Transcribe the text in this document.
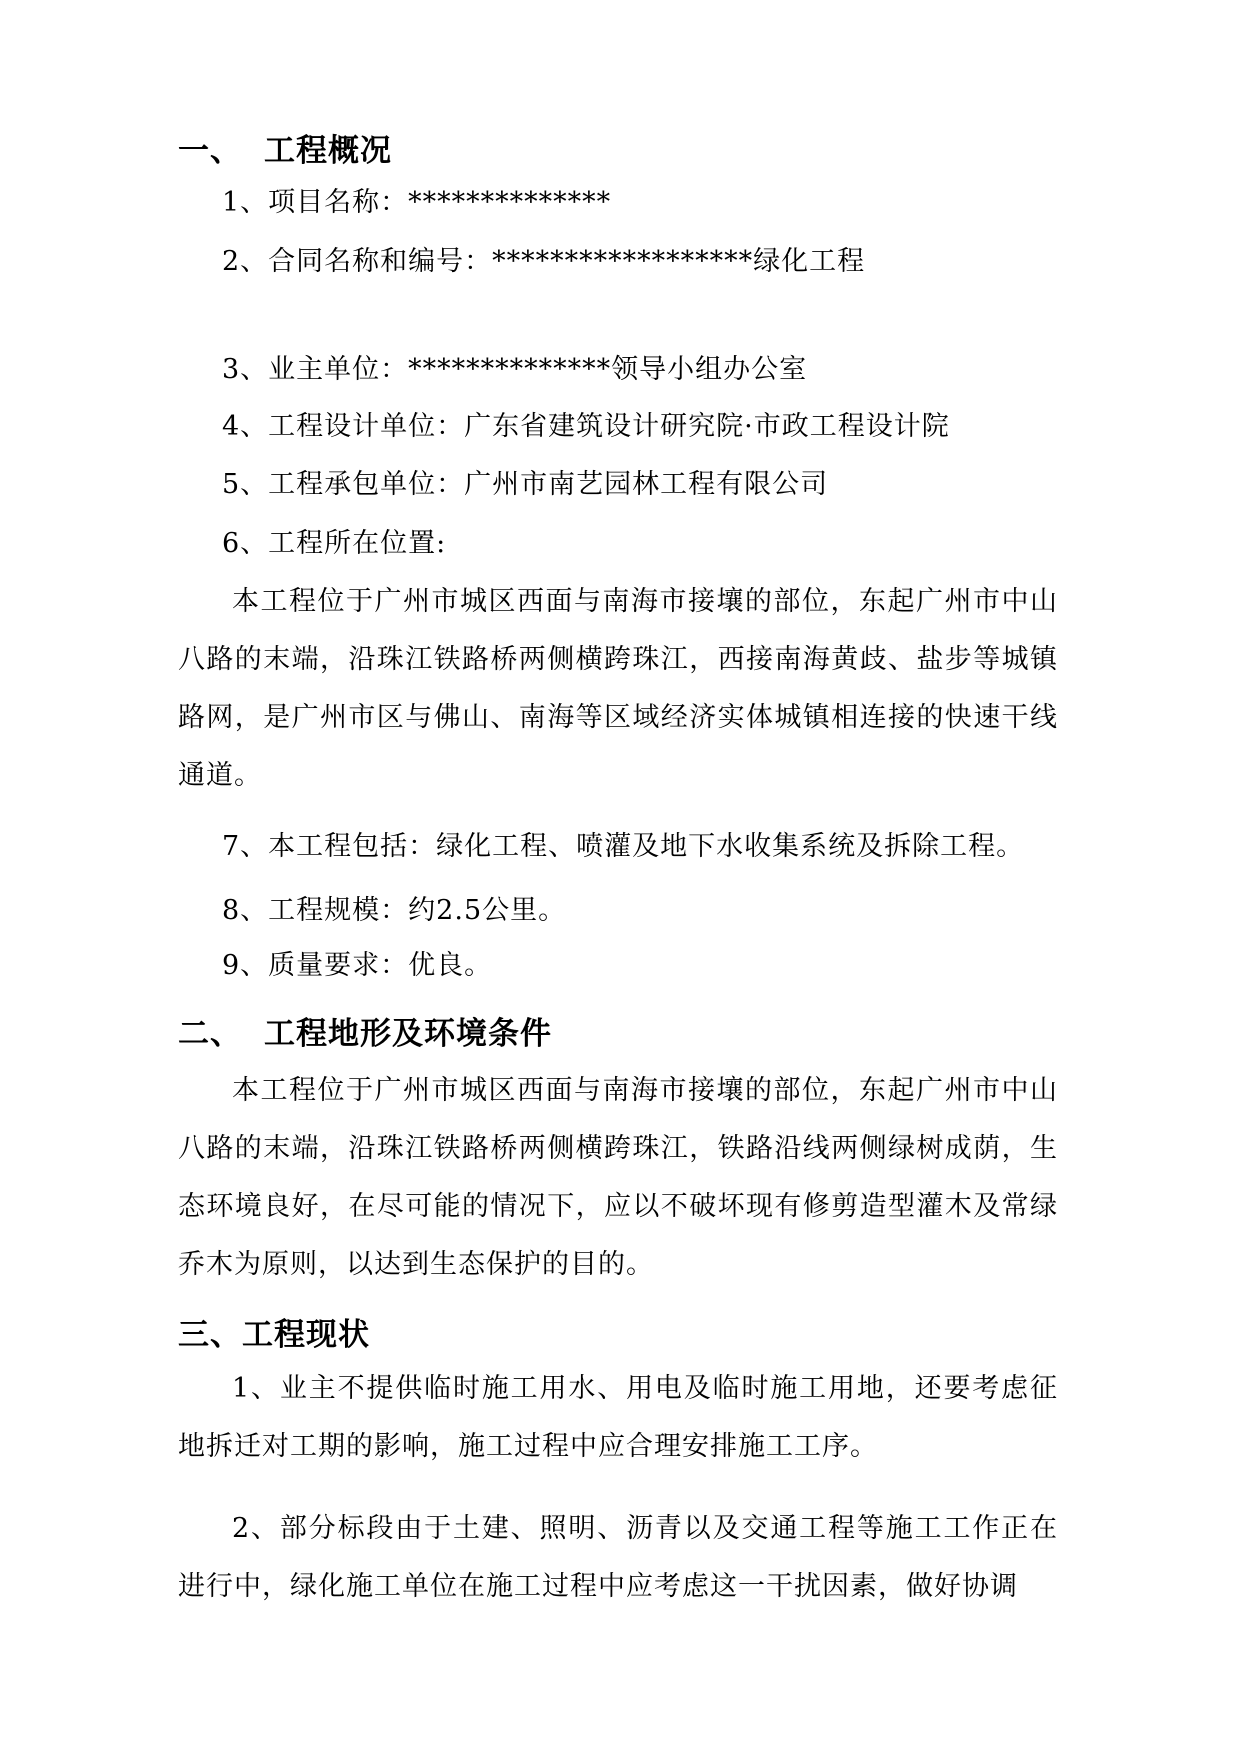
一、 工程概况

1、项目名称：**************

2、合同名称和编号：******************绿化工程

3、业主单位：**************领导小组办公室

4、工程设计单位：广东省建筑设计研究院·市政工程设计院

5、工程承包单位：广州市南艺园林工程有限公司

6、工程所在位置:

本工程位于广州市城区西面与南海市接壤的部位，东起广州市中山八路的末端，沿珠江铁路桥两侧横跨珠江，西接南海黄歧、盐步等城镇路网，是广州市区与佛山、南海等区域经济实体城镇相连接的快速干线通道。

7、本工程包括：绿化工程、喷灌及地下水收集系统及拆除工程。

8、工程规模：约2.5公里。

9、质量要求：优良。

二、 工程地形及环境条件

本工程位于广州市城区西面与南海市接壤的部位，东起广州市中山八路的末端，沿珠江铁路桥两侧横跨珠江，铁路沿线两侧绿树成荫，生态环境良好，在尽可能的情况下，应以不破坏现有修剪造型灌木及常绿乔木为原则，以达到生态保护的目的。

三、工程现状

1、业主不提供临时施工用水、用电及临时施工用地，还要考虑征地拆迁对工期的影响，施工过程中应合理安排施工工序。

2、部分标段由于土建、照明、沥青以及交通工程等施工工作正在进行中，绿化施工单位在施工过程中应考虑这一干扰因素，做好协调
